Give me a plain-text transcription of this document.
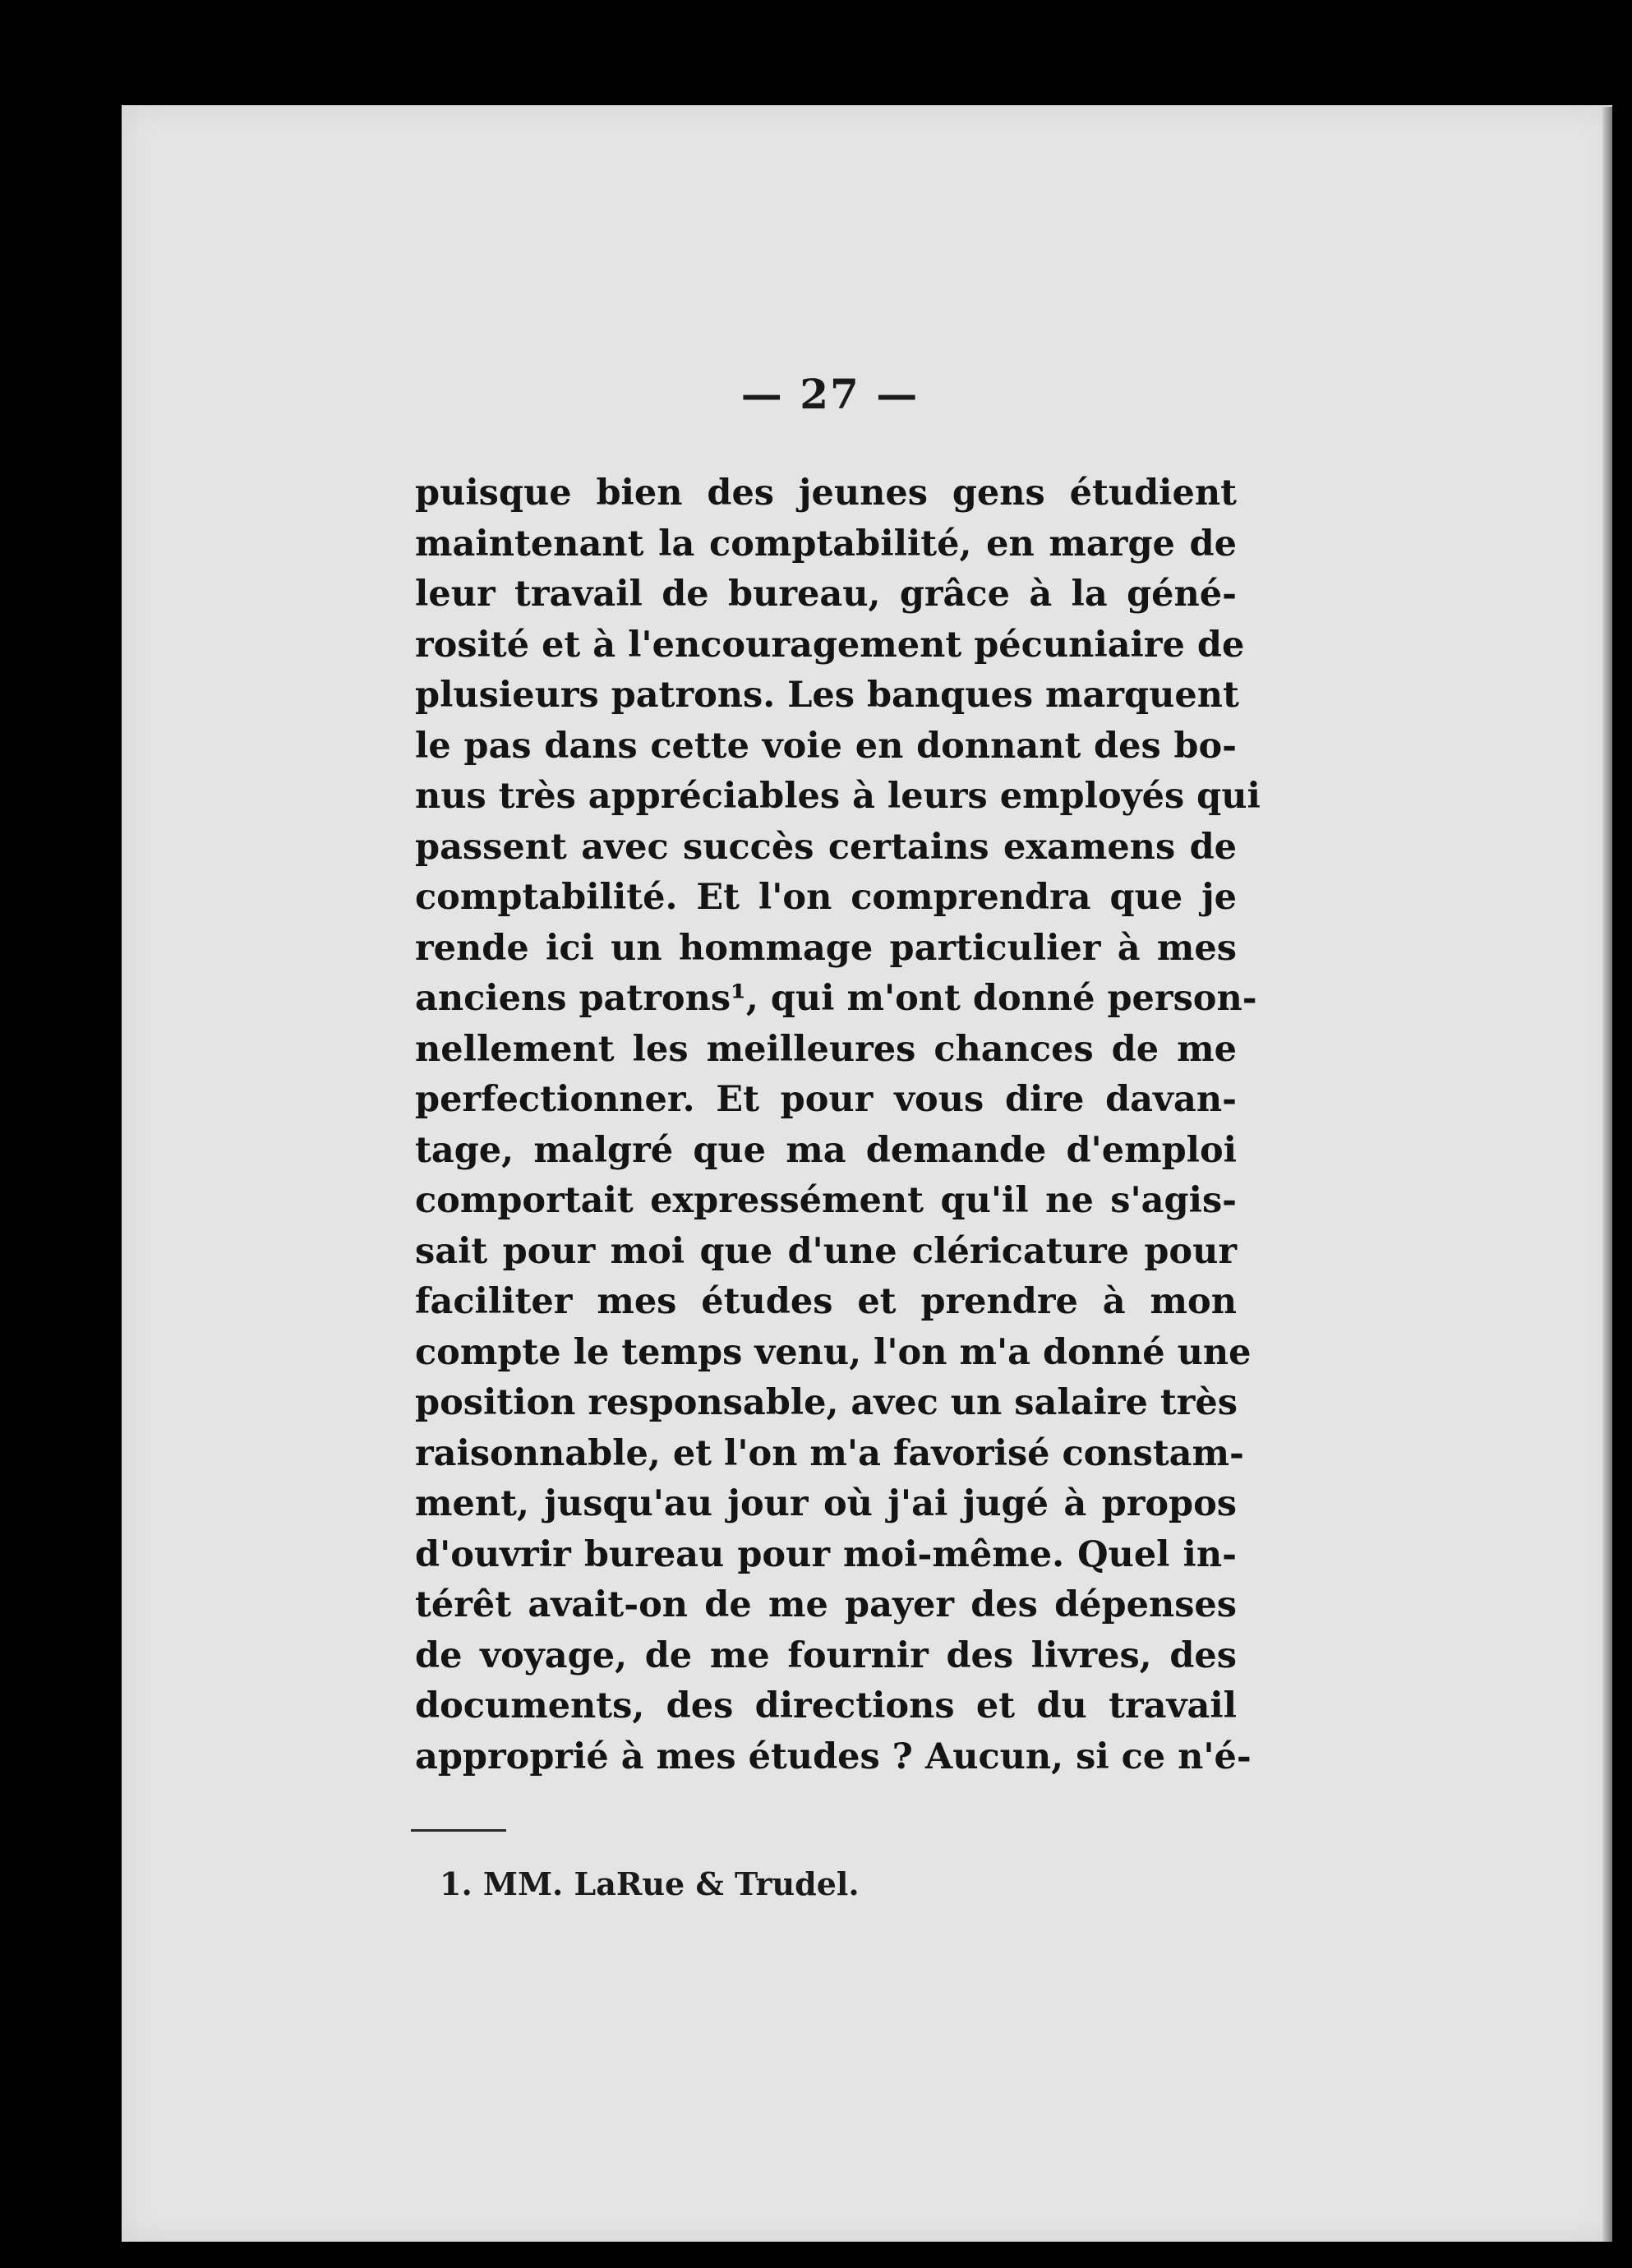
— 27 —
puisque bien des jeunes gens étudient
maintenant la comptabilité, en marge de
leur travail de bureau, grâce à la géné-
rosité et à l'encouragement pécuniaire de
plusieurs patrons. Les banques marquent
le pas dans cette voie en donnant des bo-
nus très appréciables à leurs employés qui
passent avec succès certains examens de
comptabilité. Et l'on comprendra que je
rende ici un hommage particulier à mes
anciens patrons¹, qui m'ont donné person-
nellement les meilleures chances de me
perfectionner. Et pour vous dire davan-
tage, malgré que ma demande d'emploi
comportait expressément qu'il ne s'agis-
sait pour moi que d'une cléricature pour
faciliter mes études et prendre à mon
compte le temps venu, l'on m'a donné une
position responsable, avec un salaire très
raisonnable, et l'on m'a favorisé constam-
ment, jusqu'au jour où j'ai jugé à propos
d'ouvrir bureau pour moi-même. Quel in-
térêt avait-on de me payer des dépenses
de voyage, de me fournir des livres, des
documents, des directions et du travail
approprié à mes études ? Aucun, si ce n'é-
1. MM. LaRue & Trudel.
